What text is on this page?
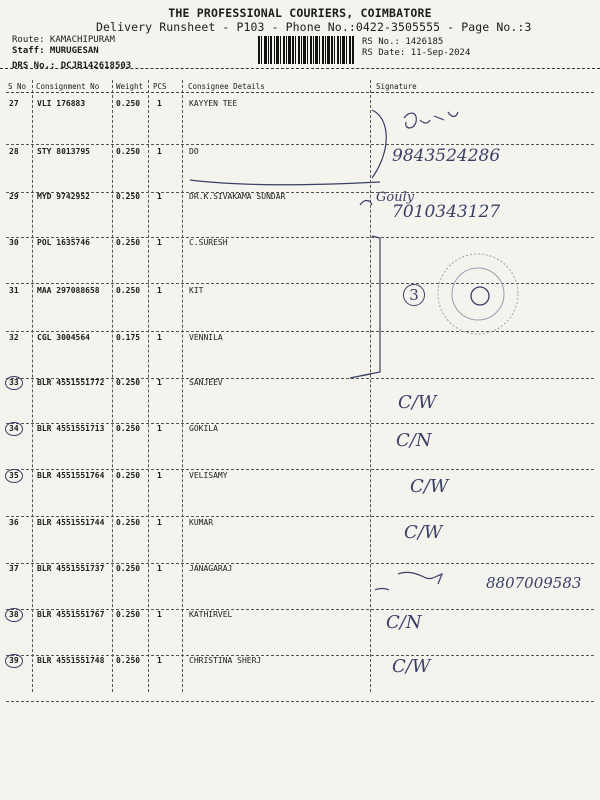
THE PROFESSIONAL COURIERS, COIMBATORE
Delivery Runsheet - P103 - Phone No.:0422-3505555 - Page No.:3
Route: KAMACHIPURAM
Staff: MURUGESAN
DRS No.: DCJB142618503
RS No.: 1426185
RS Date: 11-Sep-2024
S No Consignment No Weight PCS	Consignee Details	Signature
27 VLI 176883	0.250 1	KAYYEN TEE
28 STY 8013795	0.250 1	DO
29 MYD 9742952	0.250 1	DR.K.SIVAKAMA SUNDAR
30 POL 1635746	0.250 1	C.SURESH
31 MAA 297088658 0.250 1	KIT
32 CGL 3004564	0.175 1	VENNILA
33 BLR 4551551772 0.250 1	SANJEEV
34 BLR 4551551713 0.250 1	GOKILA
35 BLR 4551551764 0.250 1	VELISAMY
36 BLR 4551551744 0.250 1	KUMAR
37 BLR 4551551737 0.250 1	JANAGARAJ
38 BLR 4551551767 0.250 1	KATHIRVEL
39 BLR 4551551748 0.250 1	CHRISTINA SHERJ
9843524286
Gouly
7010343127
3
C/W
C/N
C/W
C/W
8807009583
C/N
C/W
